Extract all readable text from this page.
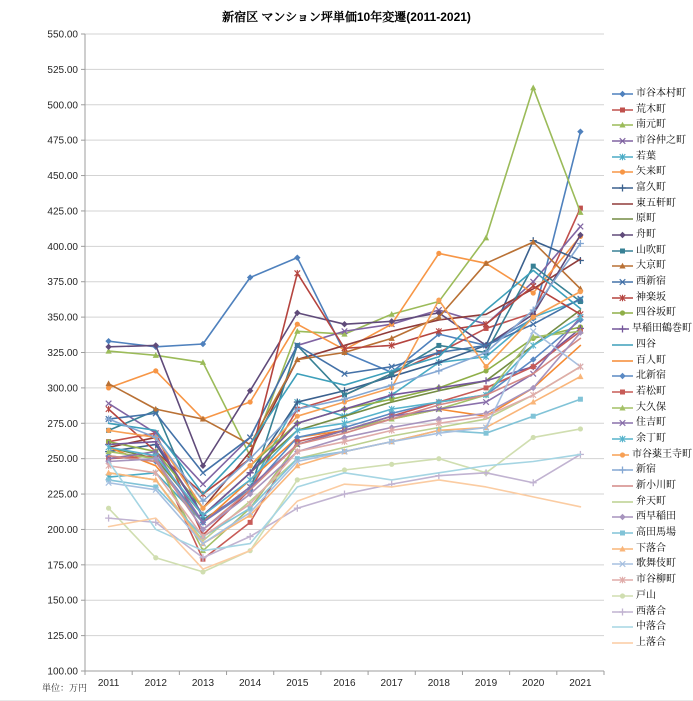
新宿区 マンション坪単価10年変遷(2011-2021)
100.00
125.00
150.00
175.00
200.00
225.00
250.00
275.00
300.00
325.00
350.00
375.00
400.00
425.00
450.00
475.00
500.00
525.00
550.00
2011	2012 2013 2014 2015 2016 2017 2018 2019 2020 2021
市谷本村町
荒木町
南元町
市谷仲之町
若葉
矢来町
富久町
東五軒町
原町
舟町
山吹町
大京町
西新宿
神楽坂
四谷坂町
早稲田鶴巻町
四谷
百人町
北新宿
若松町
大久保
住吉町
余丁町
市谷薬王寺町
新宿
新小川町
弁天町
西早稲田
高田馬場
下落合
歌舞伎町
市谷柳町
戸山
西落合
中落合
上落合
単位：万円
